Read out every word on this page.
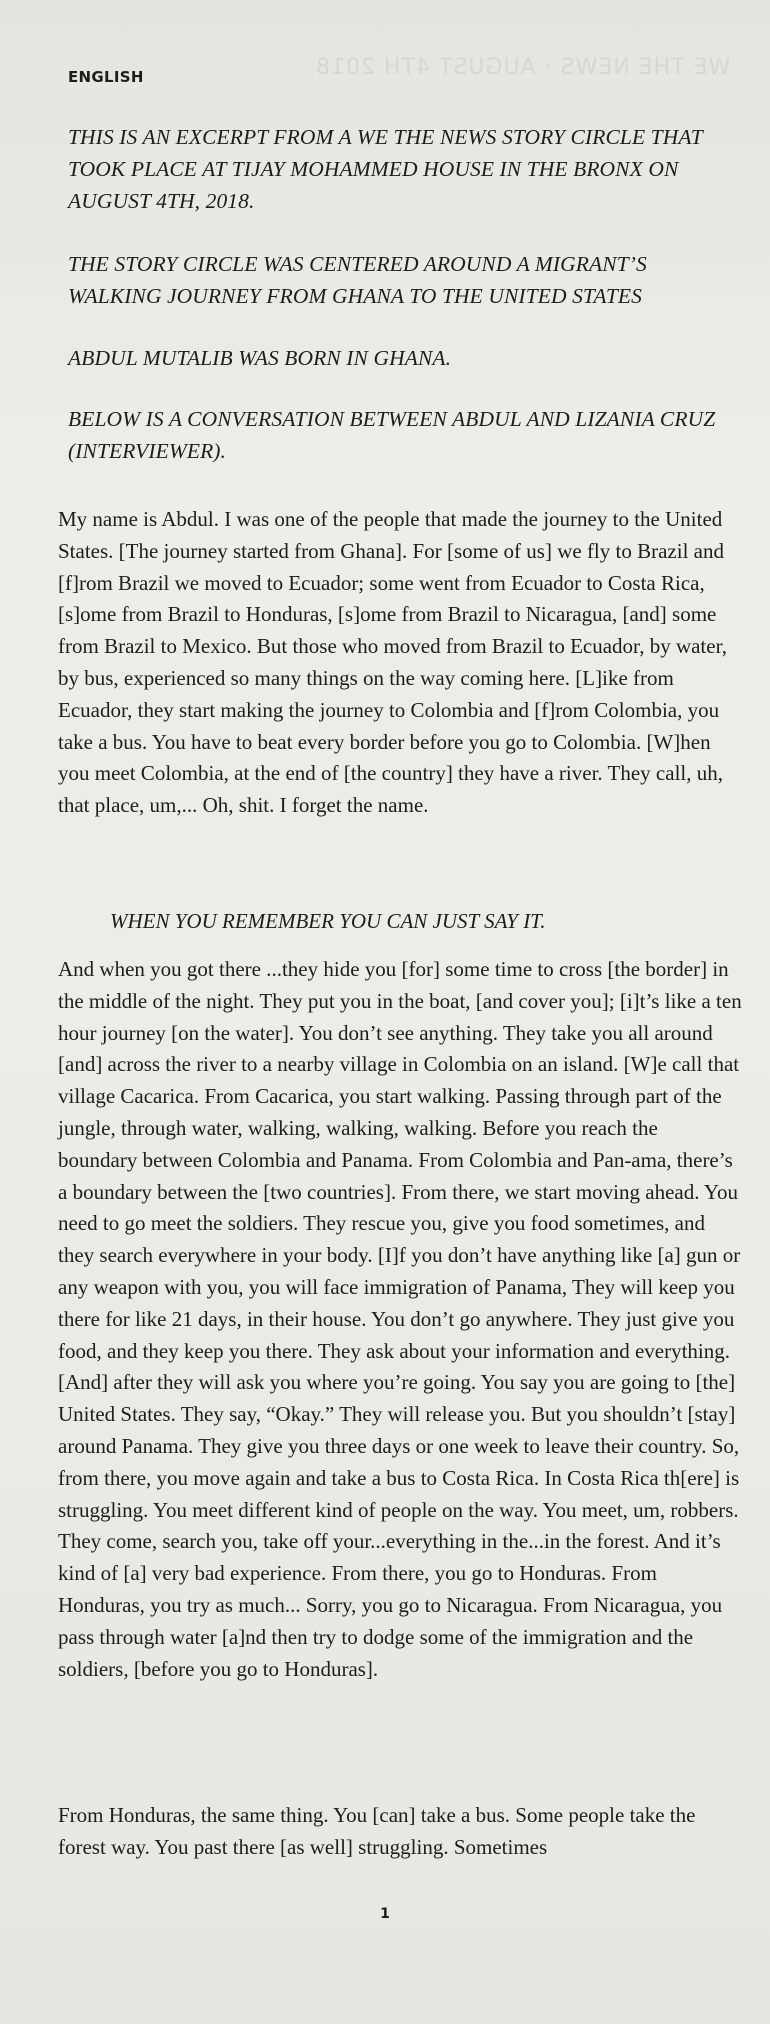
WE THE NEWS · AUGUST 4TH 2018
ENGLISH

THIS IS AN EXCERPT FROM A WE THE NEWS STORY CIRCLE THAT TOOK PLACE AT TIJAY MOHAMMED HOUSE IN THE BRONX ON AUGUST 4TH, 2018.

THE STORY CIRCLE WAS CENTERED AROUND A MIGRANT’S WALKING JOURNEY FROM GHANA TO THE UNITED STATES

ABDUL MUTALIB WAS BORN IN GHANA.

BELOW IS A CONVERSATION BETWEEN ABDUL AND LIZANIA CRUZ (INTERVIEWER).

My name is Abdul. I was one of the people that made the journey to the United States. [The journey started from Ghana]. For [some of us] we fly to Brazil and [f]rom Brazil we moved to Ecuador; some went from Ecuador to Costa Rica, [s]ome from Brazil to Honduras, [s]ome from Brazil to Nicaragua, [and] some from Brazil to Mexico. But those who moved from Brazil to Ecuador, by water, by bus, experienced so many things on the way coming here. [L]ike from Ecuador, they start making the journey to Colombia and [f]rom Colombia, you take a bus. You have to beat every border before you go to Colombia. [W]hen you meet Colombia, at the end of [the country] they have a river. They call, uh, that place, um,... Oh, shit. I forget the name.

WHEN YOU REMEMBER YOU CAN JUST SAY IT.

And when you got there ...they hide you [for] some time to cross [the border] in the middle of the night. They put you in the boat, [and cover you]; [i]t’s like a ten hour journey [on the water]. You don’t see anything. They take you all around [and] across the river to a nearby village in Colombia on an island. [W]e call that village Cacarica. From Cacarica, you start walking. Passing through part of the jungle, through water, walking, walking, walking. Before you reach the boundary between Colombia and Panama. From Colombia and Pan-ama, there’s a boundary between the [two countries]. From there, we start moving ahead. You need to go meet the soldiers. They rescue you, give you food sometimes, and they search everywhere in your body. [I]f you don’t have anything like [a] gun or any weapon with you, you will face immigration of Panama, They will keep you there for like 21 days, in their house. You don’t go anywhere. They just give you food, and they keep you there. They ask about your information and everything. [And] after they will ask you where you’re going. You say you are going to [the] United States. They say, “Okay.” They will release you. But you shouldn’t [stay] around Panama. They give you three days or one week to leave their country. So, from there, you move again and take a bus to Costa Rica. In Costa Rica th[ere] is struggling. You meet different kind of people on the way. You meet, um, robbers. They come, search you, take off your...everything in the...in the forest. And it’s kind of [a] very bad experience. From there, you go to Honduras. From Honduras, you try as much... Sorry, you go to Nicaragua. From Nicaragua, you pass through water [a]nd then try to dodge some of the immigration and the soldiers, [before you go to Honduras].

From Honduras, the same thing. You [can] take a bus. Some people take the forest way. You past there [as well] struggling. Sometimes

1
